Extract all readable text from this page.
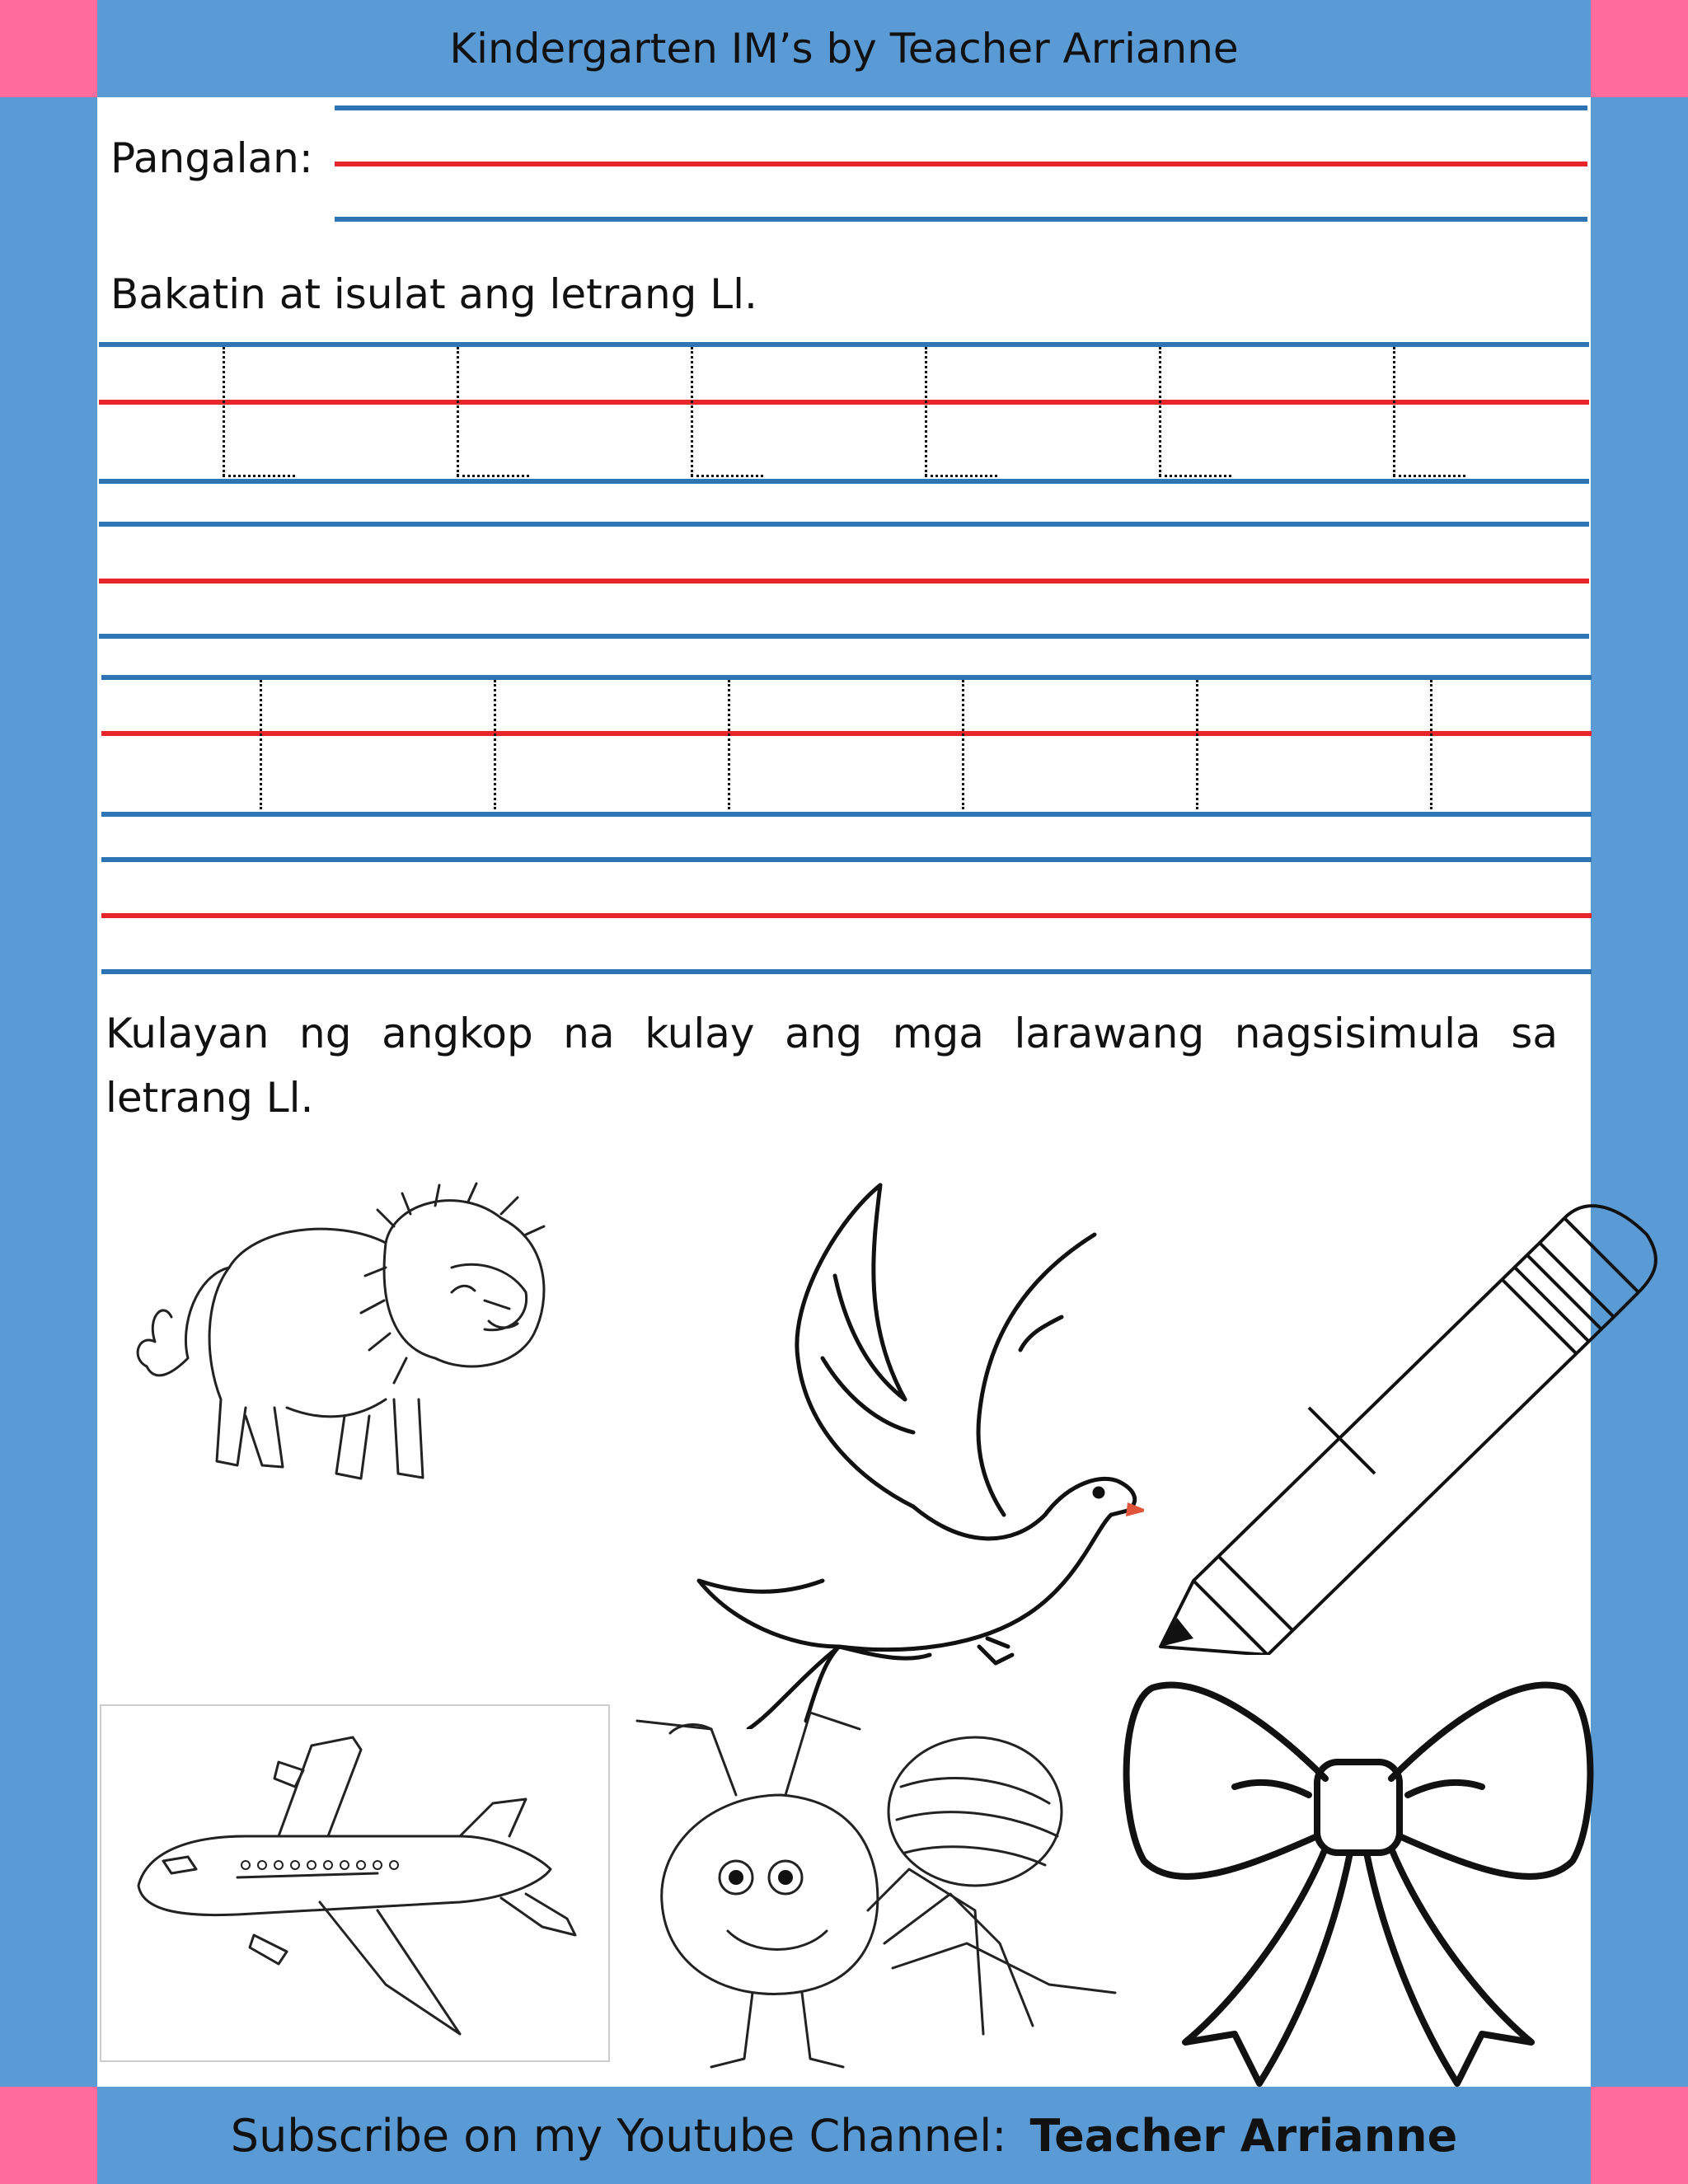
Kindergarten IM’s by Teacher Arrianne
Pangalan:
Bakatin at isulat ang letrang Ll.
Kulayan ng angkop na kulay ang mga larawang nagsisimula sa letrang Ll.
Subscribe on my Youtube Channel: Teacher Arrianne
